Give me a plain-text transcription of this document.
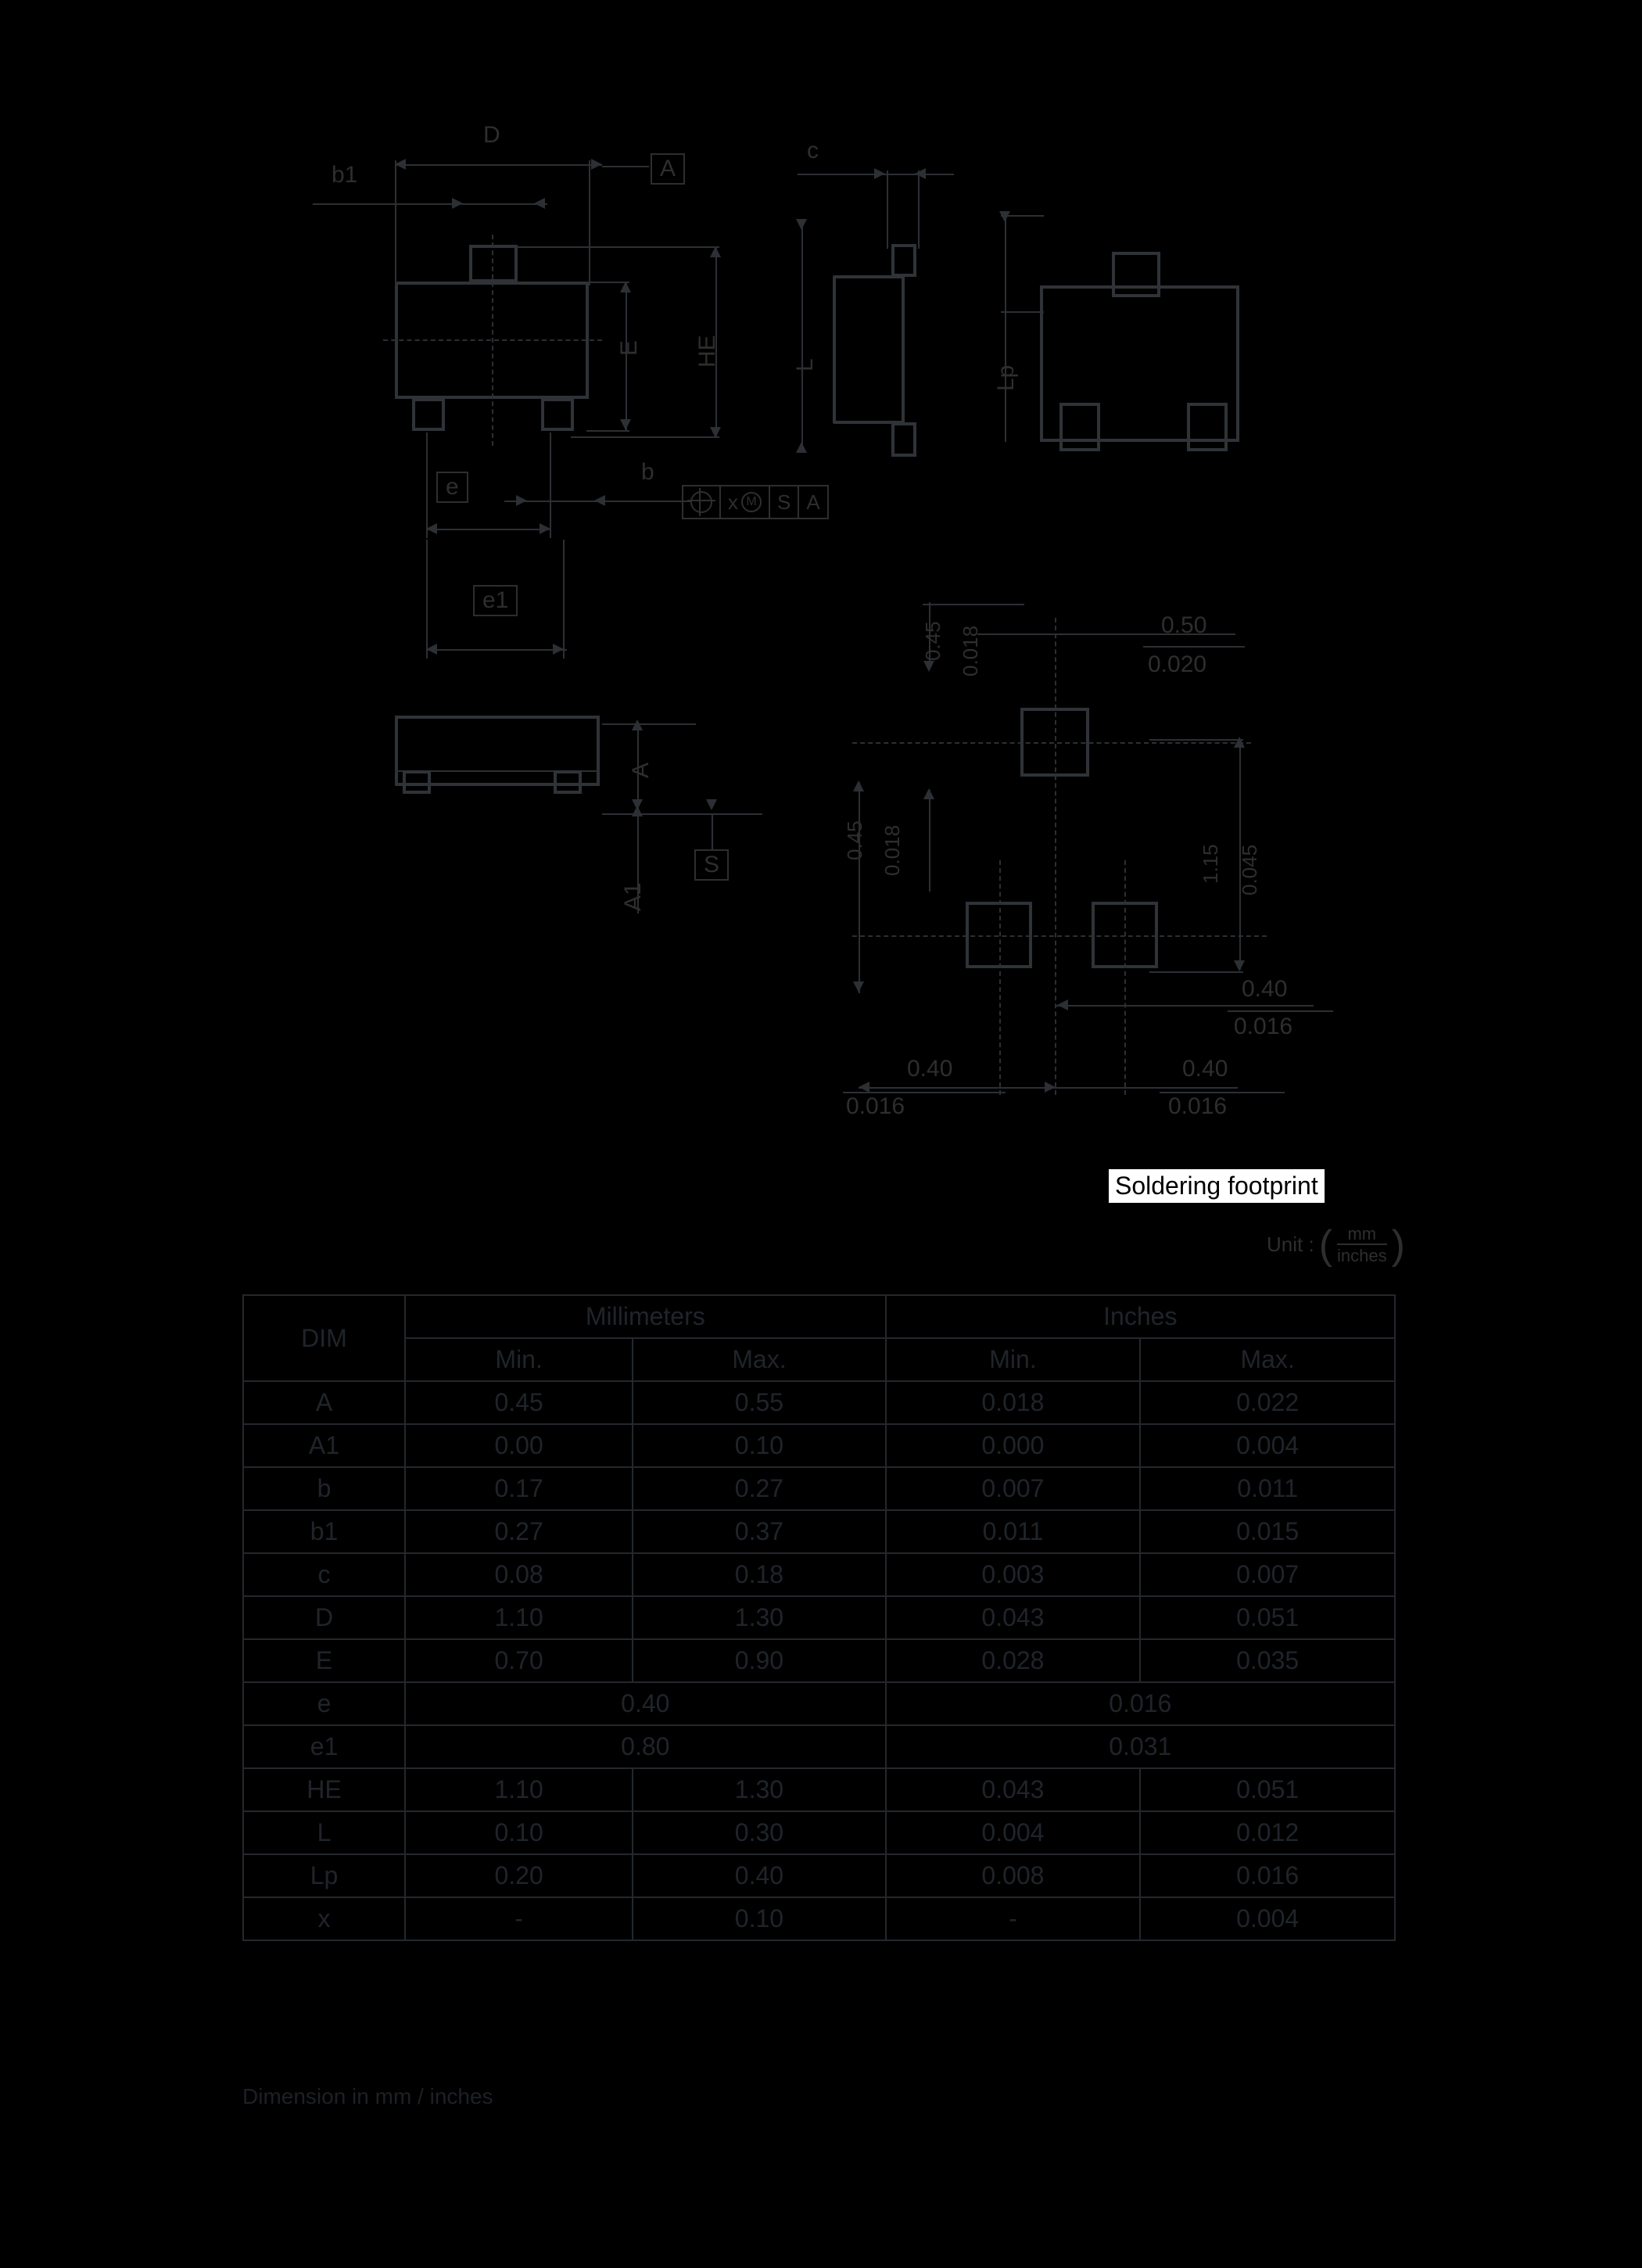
D
b1	A
E HE
e
b
x M	S A
e1
c
L	Lp
A
A1
S
0.45 0.018
0.50
0.020
0.45 0.018	1.15 0.045
0.40
0.016
0.40
0.016
0.40
0.016
Soldering footprint
Unit : ( $\frac{mm}{\text{inches}}$ )
DIM	Millimeters		Inches	
	Min.	Max.	Min.	Max.
A	0.45	0.55	0.018	0.022
A1	0.00	0.10	0.000	0.004
b	0.17	0.27	0.007	0.011
b1	0.27	0.37	0.011	0.015
c	0.08	0.18	0.003	0.007
D	1.10	1.30	0.043	0.051
E	0.70	0.90	0.028	0.035
e	0.40		0.016	
e1	0.80		0.031	
HE	1.10	1.30	0.043	0.051
L	0.10	0.30	0.004	0.012
Lp	0.20	0.40	0.008	0.016
x	-	0.10	-	0.004
Dimension in mm / inches
